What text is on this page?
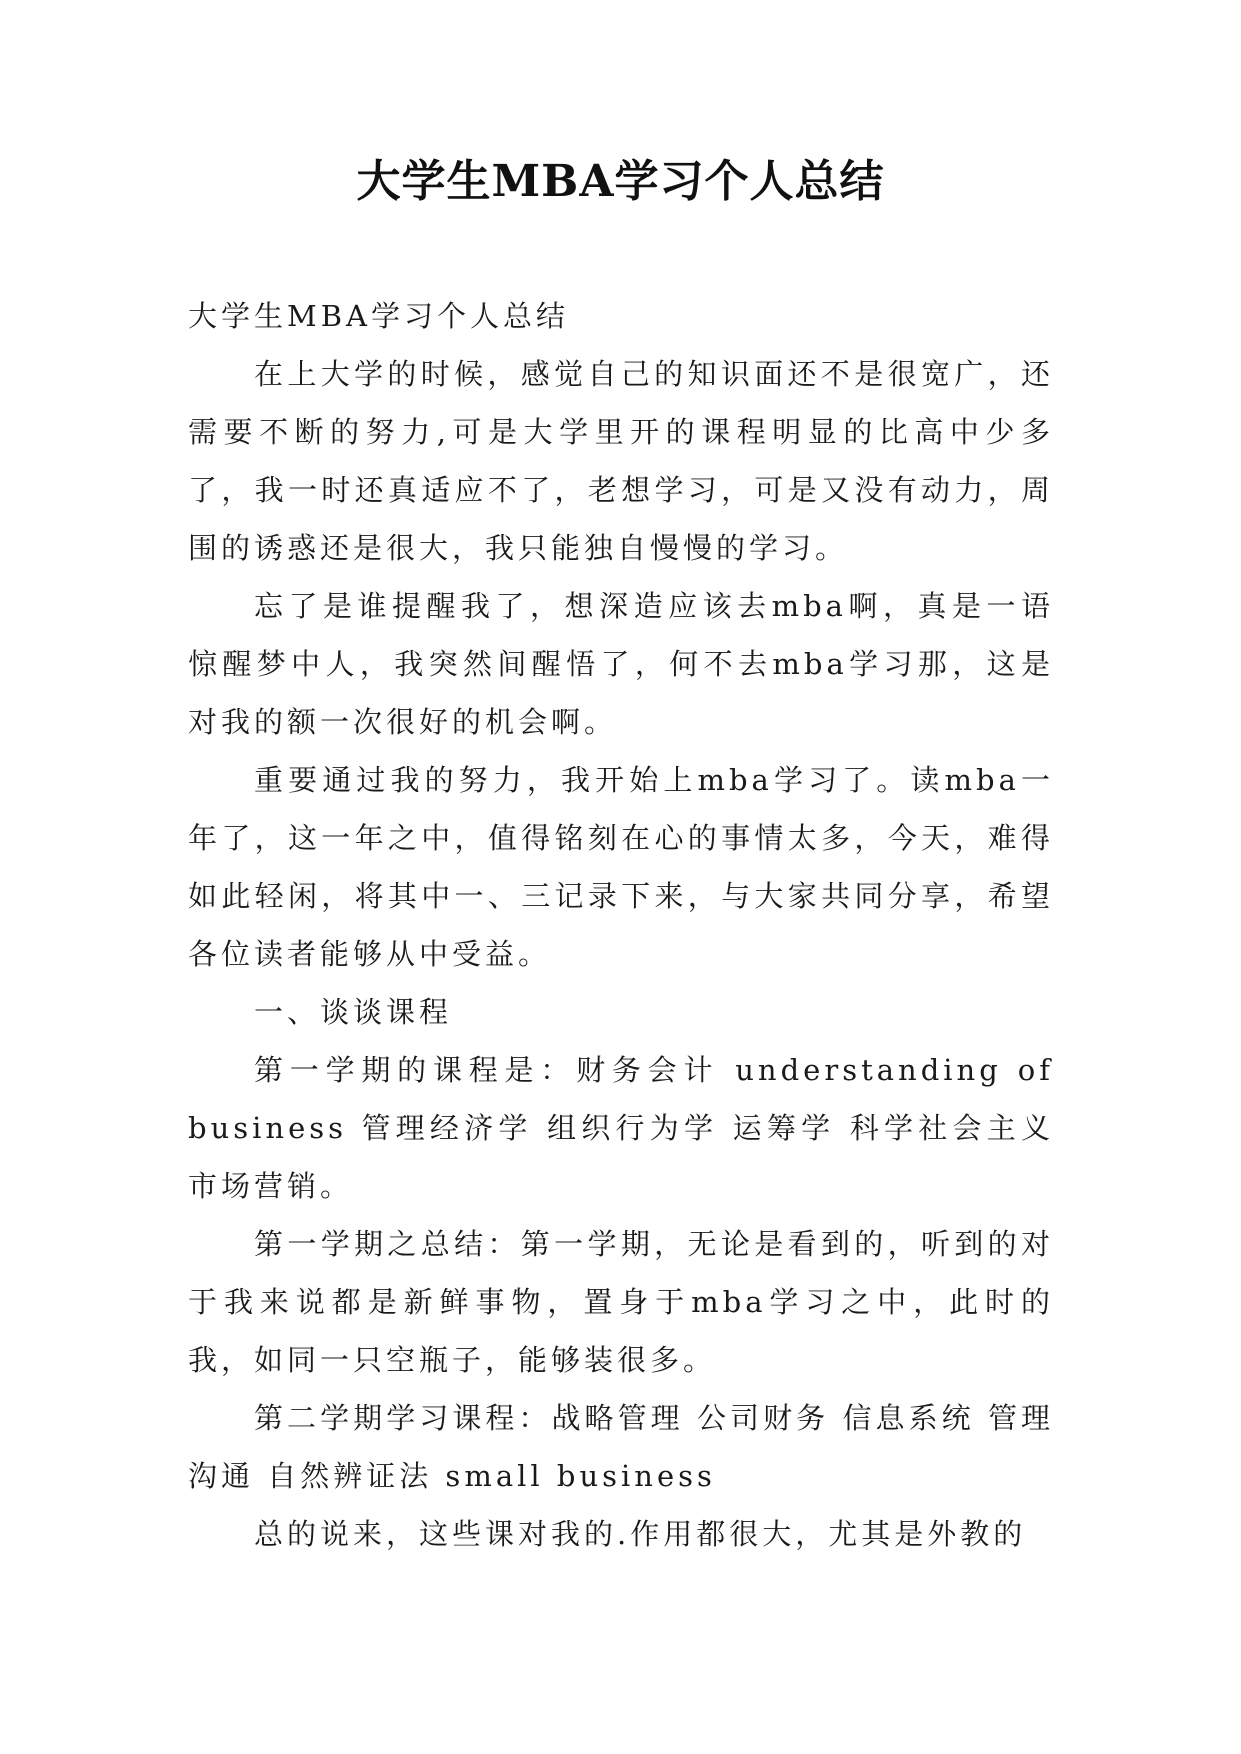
大学生MBA学习个人总结

大学生MBA学习个人总结

在上大学的时候，感觉自己的知识面还不是很宽广，还需要不断的努力,可是大学里开的课程明显的比高中少多了，我一时还真适应不了，老想学习，可是又没有动力，周围的诱惑还是很大，我只能独自慢慢的学习。

忘了是谁提醒我了，想深造应该去mba啊，真是一语惊醒梦中人，我突然间醒悟了，何不去mba学习那，这是对我的额一次很好的机会啊。

重要通过我的努力，我开始上mba学习了。读mba一年了，这一年之中，值得铭刻在心的事情太多，今天，难得如此轻闲，将其中一、三记录下来，与大家共同分享，希望各位读者能够从中受益。

一、谈谈课程

第一学期的课程是：财务会计 understanding of business 管理经济学 组织行为学 运筹学 科学社会主义 市场营销。

第一学期之总结：第一学期，无论是看到的，听到的对于我来说都是新鲜事物，置身于mba学习之中，此时的我，如同一只空瓶子，能够装很多。

第二学期学习课程：战略管理 公司财务 信息系统 管理沟通 自然辨证法 small business

总的说来，这些课对我的.作用都很大，尤其是外教的
